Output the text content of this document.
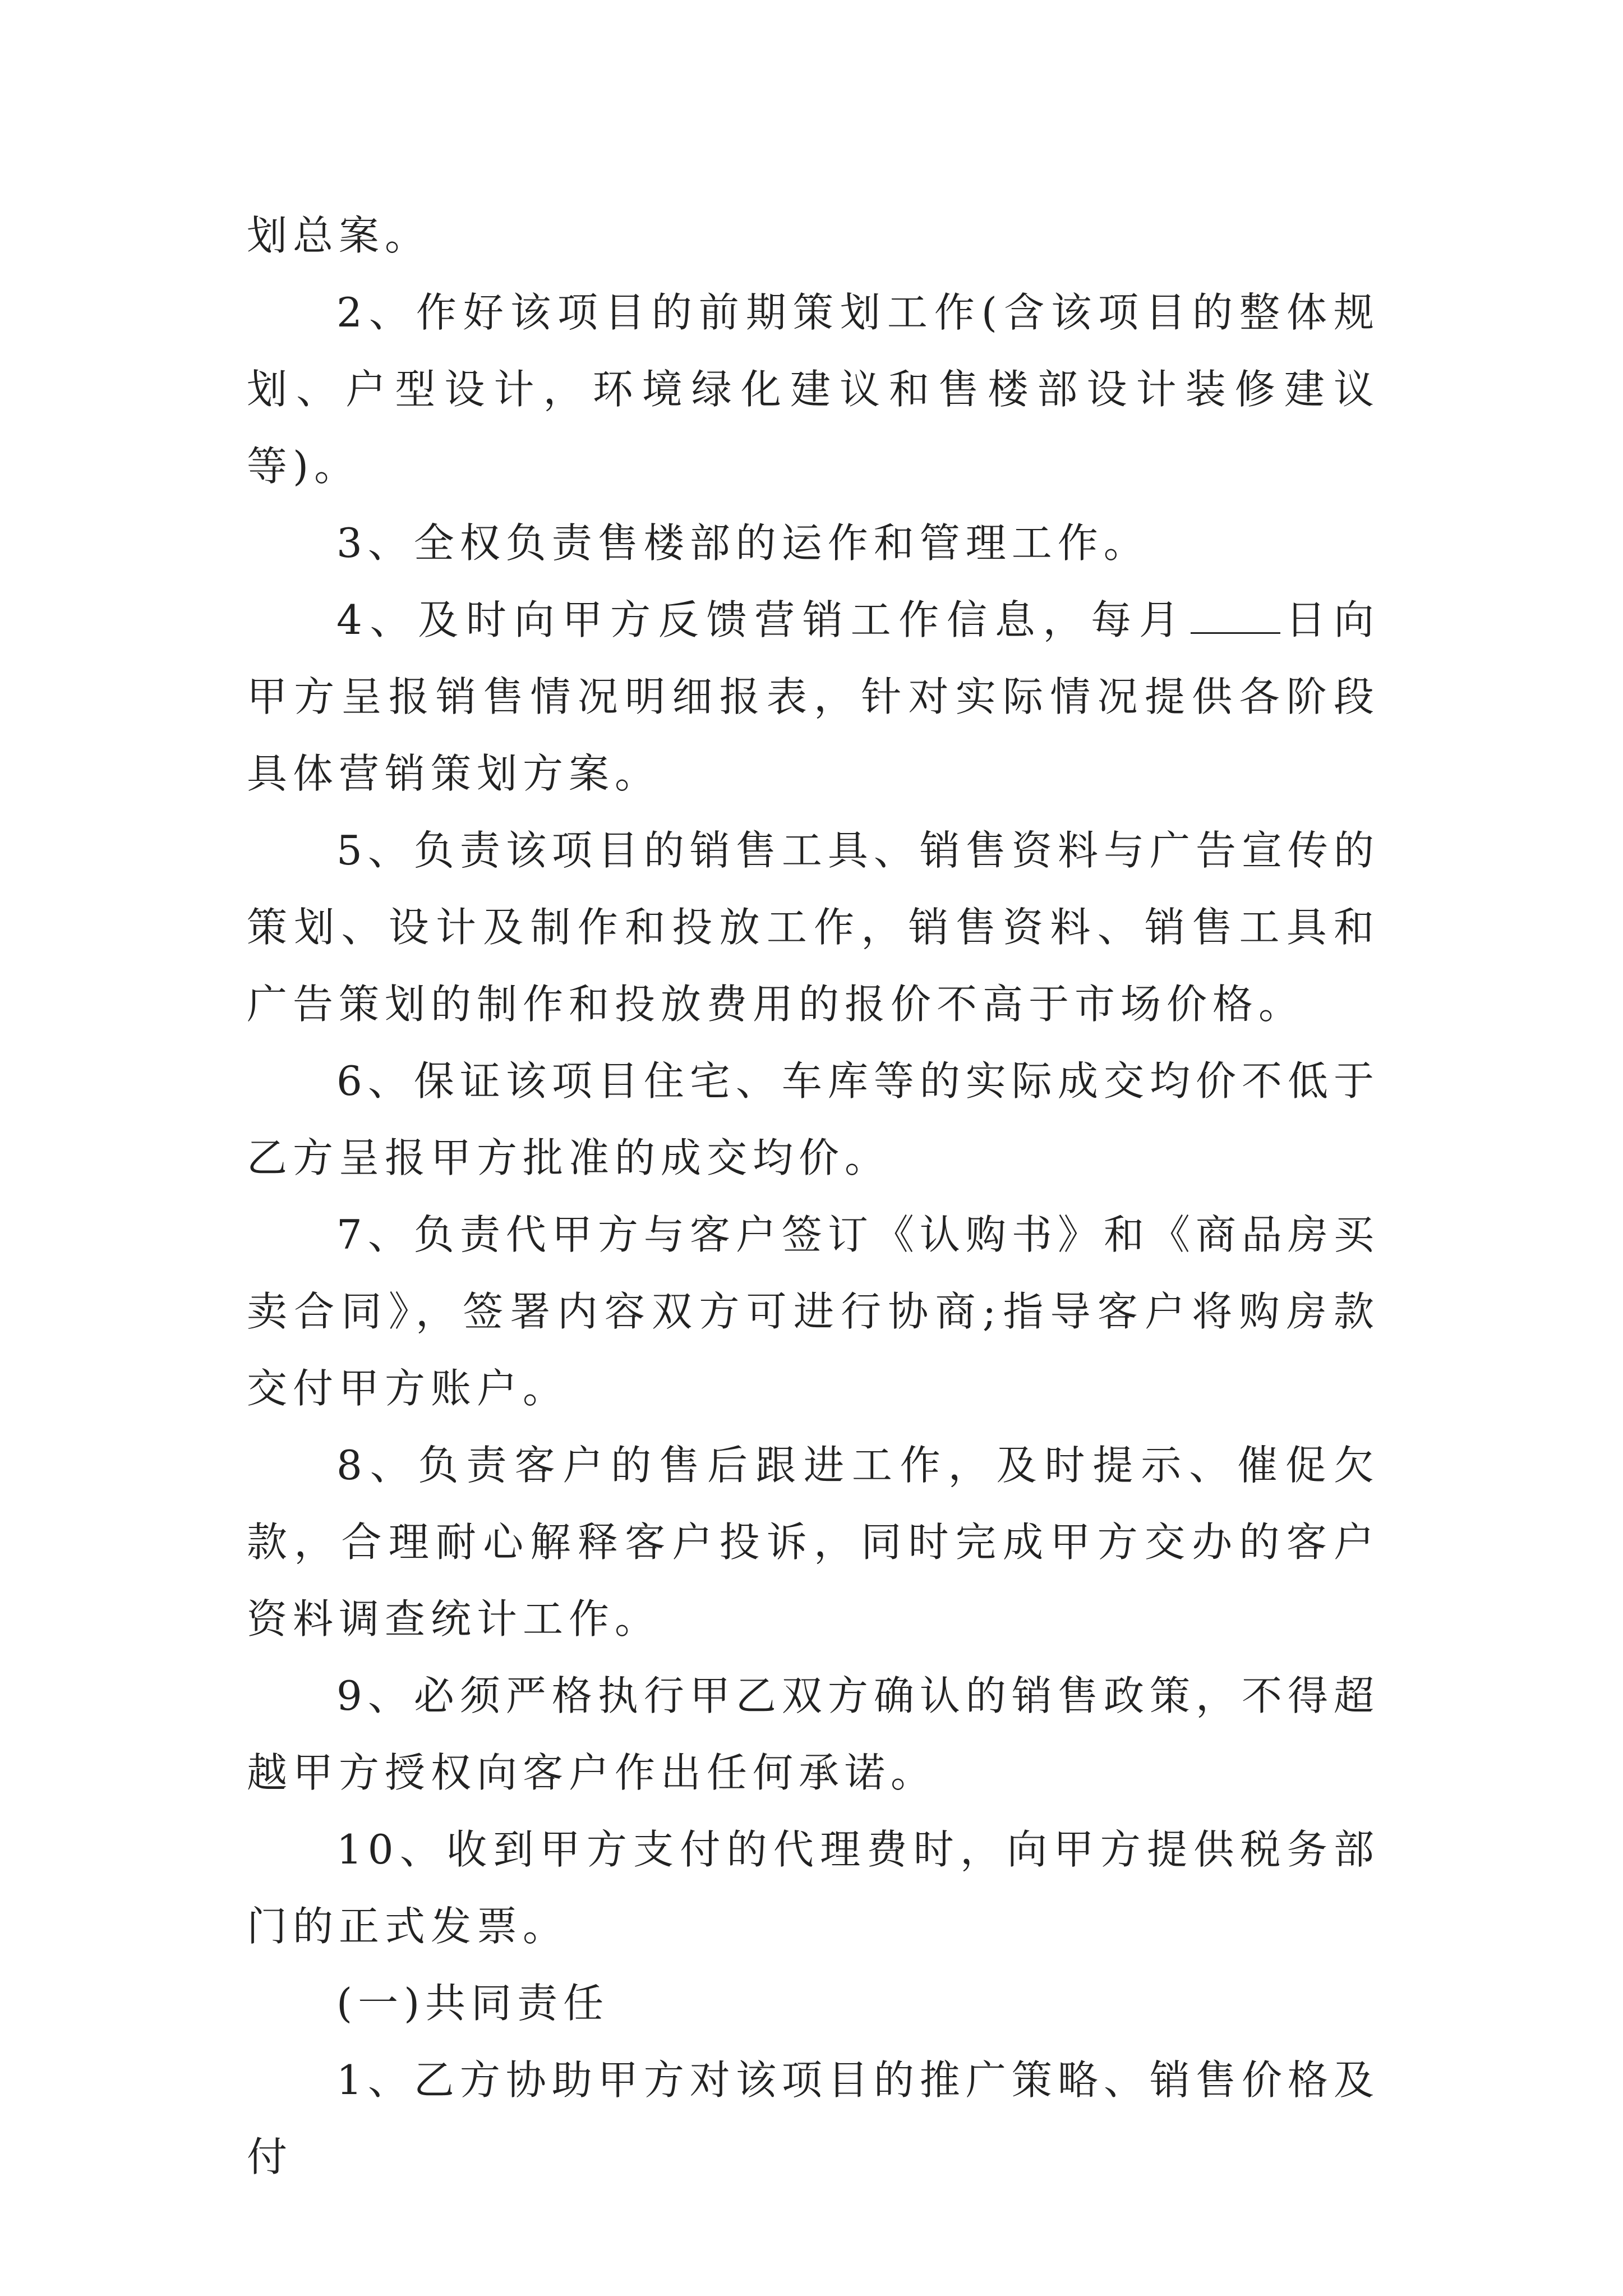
划总案。

2、作好该项目的前期策划工作(含该项目的整体规划、户型设计，环境绿化建议和售楼部设计装修建议等)。

3、全权负责售楼部的运作和管理工作。

4、及时向甲方反馈营销工作信息，每月 日向甲方呈报销售情况明细报表，针对实际情况提供各阶段具体营销策划方案。

5、负责该项目的销售工具、销售资料与广告宣传的策划、设计及制作和投放工作，销售资料、销售工具和广告策划的制作和投放费用的报价不高于市场价格。

6、保证该项目住宅、车库等的实际成交均价不低于乙方呈报甲方批准的成交均价。

7、负责代甲方与客户签订《认购书》和《商品房买卖合同》，签署内容双方可进行协商;指导客户将购房款交付甲方账户。

8、负责客户的售后跟进工作，及时提示、催促欠款，合理耐心解释客户投诉，同时完成甲方交办的客户资料调查统计工作。

9、必须严格执行甲乙双方确认的销售政策，不得超越甲方授权向客户作出任何承诺。

10、收到甲方支付的代理费时，向甲方提供税务部门的正式发票。

(一)共同责任

1、乙方协助甲方对该项目的推广策略、销售价格及付
